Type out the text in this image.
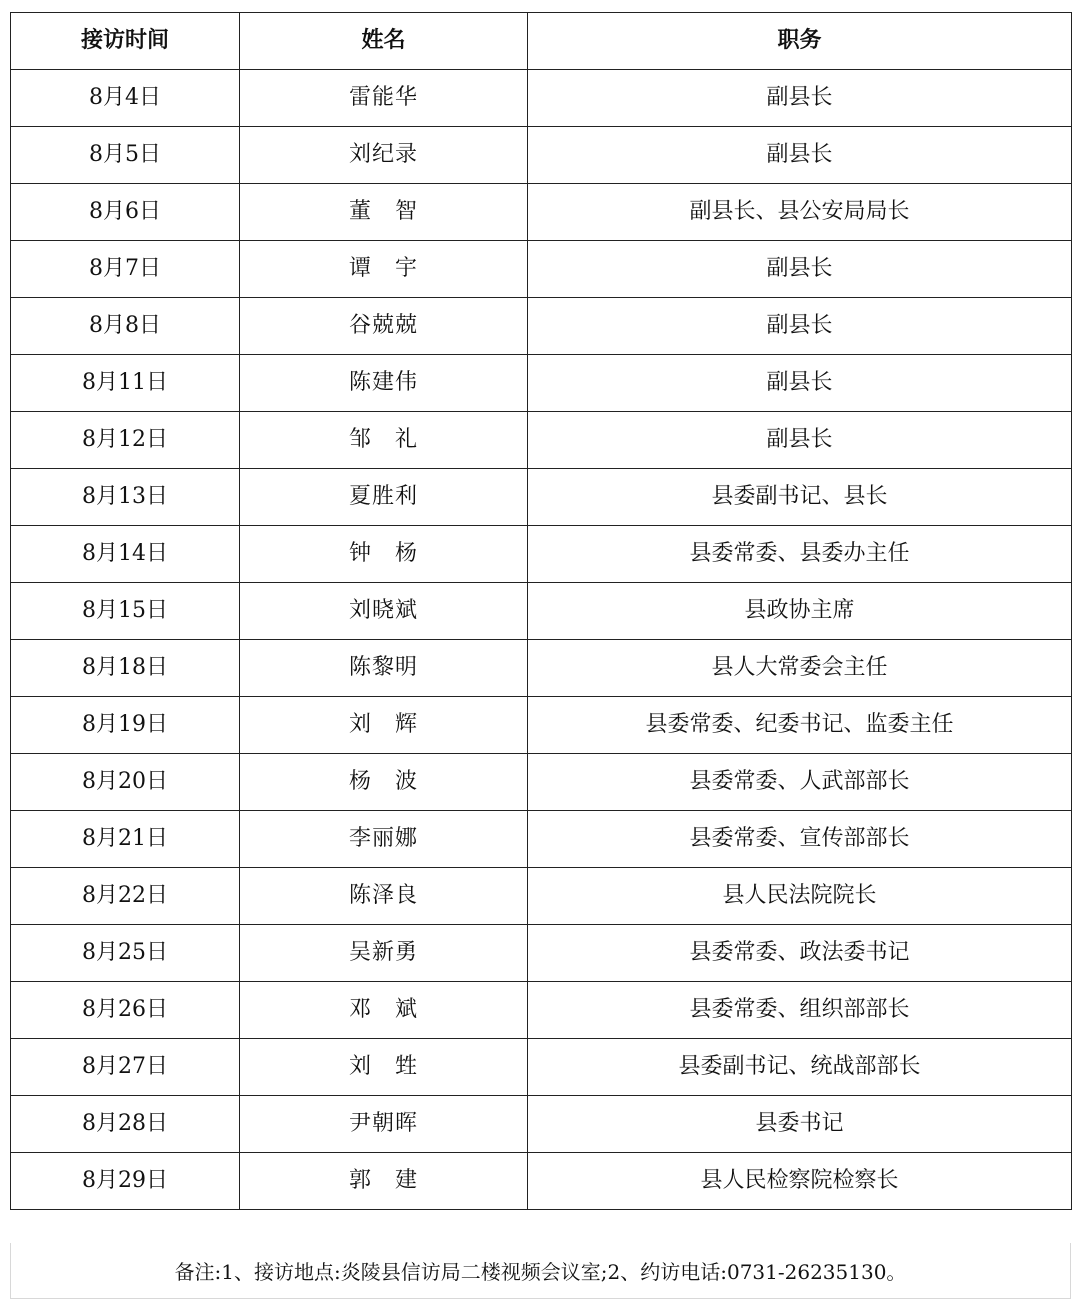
接访时间	姓名	职务
8月4日	雷能华	副县长
8月5日	刘纪录	副县长
8月6日	董　智	副县长、县公安局局长
8月7日	谭　宇	副县长
8月8日	谷兢兢	副县长
8月11日	陈建伟	副县长
8月12日	邹　礼	副县长
8月13日	夏胜利	县委副书记、县长
8月14日	钟　杨	县委常委、县委办主任
8月15日	刘晓斌	县政协主席
8月18日	陈黎明	县人大常委会主任
8月19日	刘　辉	县委常委、纪委书记、监委主任
8月20日	杨　波	县委常委、人武部部长
8月21日	李丽娜	县委常委、宣传部部长
8月22日	陈泽良	县人民法院院长
8月25日	吴新勇	县委常委、政法委书记
8月26日	邓　斌	县委常委、组织部部长
8月27日	刘　甡	县委副书记、统战部部长
8月28日	尹朝晖	县委书记
8月29日	郭　建	县人民检察院检察长
备注:1、接访地点:炎陵县信访局二楼视频会议室;2、约访电话:0731-26235130。
